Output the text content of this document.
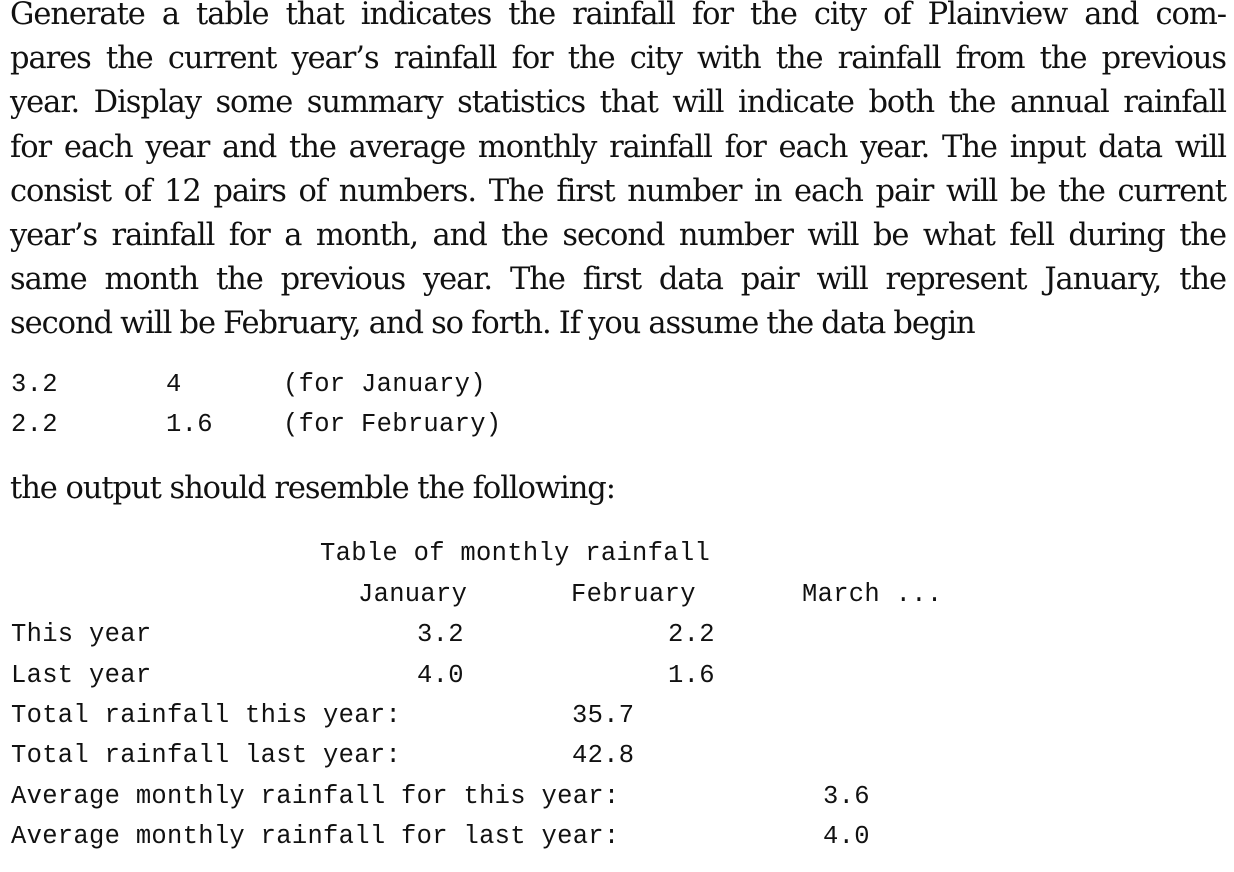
Generate a table that indicates the rainfall for the city of Plainview and com-
pares the current year’s rainfall for the city with the rainfall from the previous
year. Display some summary statistics that will indicate both the annual rainfall
for each year and the average monthly rainfall for each year. The input data will
consist of 12 pairs of numbers. The first number in each pair will be the current
year’s rainfall for a month, and the second number will be what fell during the
same month the previous year. The first data pair will represent January, the
second will be February, and so forth. If you assume the data begin
3.2	4	(for January)
2.2	1.6	(for February)
the output should resemble the following:
Table of monthly rainfall
January	February	March ...
This year	3.2	2.2
Last year	4.0	1.6
Total rainfall this year:	35.7
Total rainfall last year:	42.8
Average monthly rainfall for this year:	3.6
Average monthly rainfall for last year:	4.0
